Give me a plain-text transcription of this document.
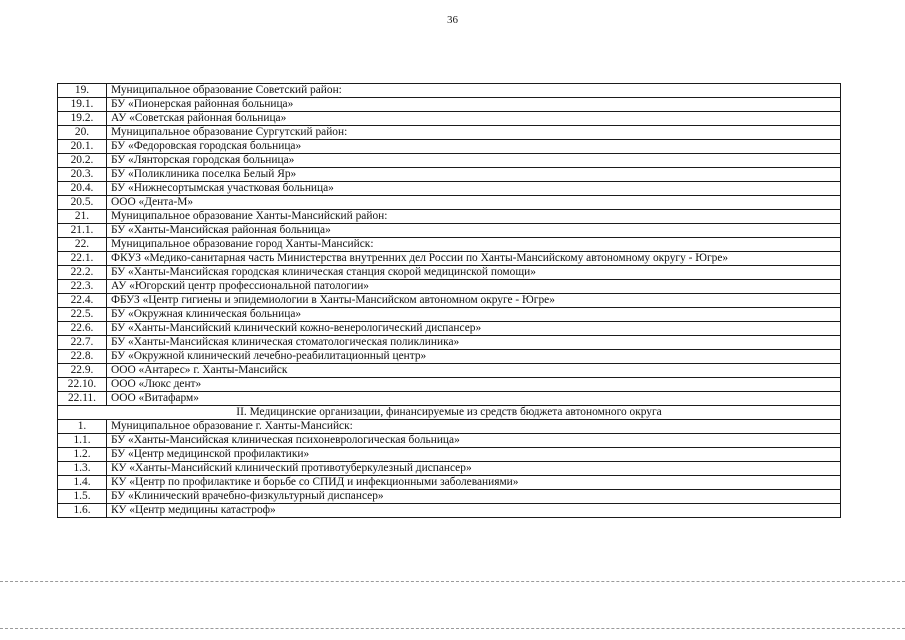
36
19.	Муниципальное образование Советский район:
19.1.	БУ «Пионерская районная больница»
19.2.	АУ «Советская районная больница»
20.	Муниципальное образование Сургутский район:
20.1.	БУ «Федоровская городская больница»
20.2.	БУ «Лянторская городская больница»
20.3.	БУ «Поликлиника поселка Белый Яр»
20.4.	БУ «Нижнесортымская участковая больница»
20.5.	ООО «Дента-М»
21.	Муниципальное образование Ханты-Мансийский район:
21.1.	БУ «Ханты-Мансийская районная больница»
22.	Муниципальное образование город Ханты-Мансийск:
22.1.	ФКУЗ «Медико-санитарная часть Министерства внутренних дел России по Ханты-Мансийскому автономному округу - Югре»
22.2.	БУ «Ханты-Мансийская городская клиническая станция скорой медицинской помощи»
22.3.	АУ «Югорский центр профессиональной патологии»
22.4.	ФБУЗ «Центр гигиены и эпидемиологии в Ханты-Мансийском автономном округе - Югре»
22.5.	БУ «Окружная клиническая больница»
22.6.	БУ «Ханты-Мансийский клинический кожно-венерологический диспансер»
22.7.	БУ «Ханты-Мансийская клиническая стоматологическая поликлиника»
22.8.	БУ «Окружной клинический лечебно-реабилитационный центр»
22.9.	ООО «Антарес» г. Ханты-Мансийск
22.10.	ООО «Люкс дент»
22.11.	ООО «Витафарм»
II. Медицинские организации, финансируемые из средств бюджета автономного округа	
1.	Муниципальное образование г. Ханты-Мансийск:
1.1.	БУ «Ханты-Мансийская клиническая психоневрологическая больница»
1.2.	БУ «Центр медицинской профилактики»
1.3.	КУ «Ханты-Мансийский клинический противотуберкулезный диспансер»
1.4.	КУ «Центр по профилактике и борьбе со СПИД и инфекционными заболеваниями»
1.5.	БУ «Клинический врачебно-физкультурный диспансер»
1.6.	КУ «Центр медицины катастроф»
